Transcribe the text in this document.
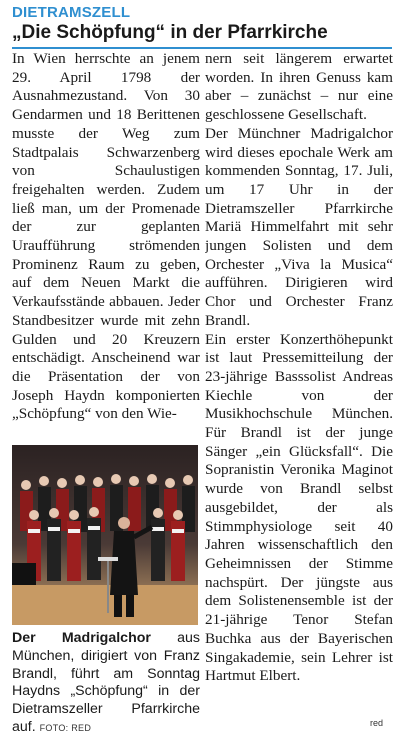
DIETRAMSZELL
„Die Schöpfung“ in der Pfarrkirche

In Wien herrschte an jenem 29. April 1798 der Ausnahmezustand. Von 30 Gendarmen und 18 Berittenen musste der Weg zum Stadtpalais Schwarzenberg von Schaulustigen freigehalten werden. Zudem ließ man, um der Promenade der zur geplanten Uraufführung strömenden Prominenz Raum zu geben, auf dem Neuen Markt die Verkaufsstände abbauen. Jeder Standbesitzer wurde mit zehn Gulden und 20 Kreuzern entschädigt. Anscheinend war die Präsentation der von Joseph Haydn komponierten „Schöpfung“ von den Wie-

nern seit längerem erwartet worden. In ihren Genuss kam aber – zunächst – nur eine geschlossene Gesellschaft.

Der Münchner Madrigalchor wird dieses epochale Werk am kommenden Sonntag, 17. Juli, um 17 Uhr in der Dietramszeller Pfarrkirche Mariä Himmelfahrt mit sehr jungen Solisten und dem Orchester „Viva la Musica“ aufführen. Dirigieren wird Chor und Orchester Franz Brandl.

Ein erster Konzerthöhepunkt ist laut Pressemitteilung der 23-jährige Basssolist Andreas Kiechle von der Musikhochschule München. Für Brandl ist der junge Sänger „ein Glücksfall“. Die Sopranistin Veronika Maginot wurde von Brandl selbst ausgebildet, der als Stimmphysiologe seit 40 Jahren wissenschaftlich den Geheimnissen der Stimme nachspürt. Der jüngste aus dem Solistenensemble ist der 21-jährige Tenor Stefan Buchka aus der Bayerischen Singakademie, sein Lehrer ist Hartmut Elbert.

Der Madrigalchor aus München, dirigiert von Franz Brandl, führt am Sonntag Haydns „Schöpfung“ in der Dietramszeller Pfarrkirche auf. FOTO: RED	red
